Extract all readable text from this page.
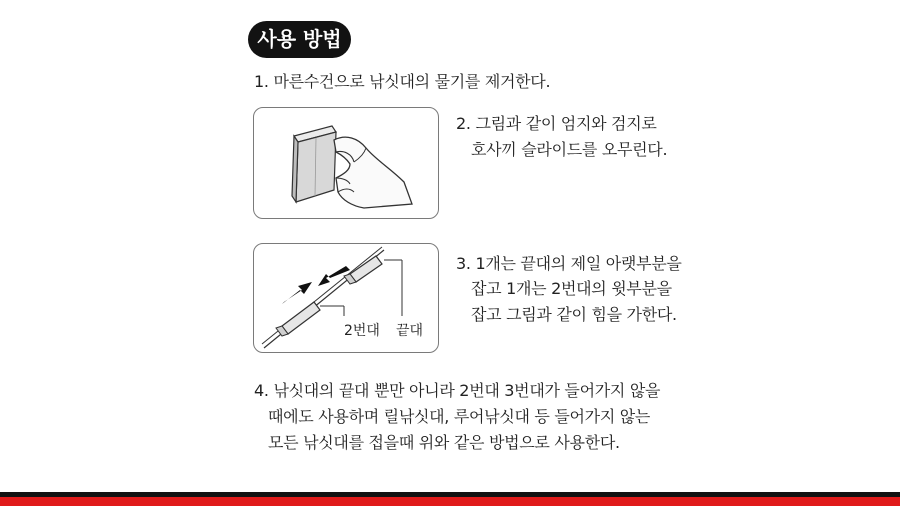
사용 방법
1. 마른수건으로 낚싯대의 물기를 제거한다.
2. 그림과 같이 엄지와 검지로
호사끼 슬라이드를 오무린다.
2번대 끝대
3. 1개는 끝대의 제일 아랫부분을
잡고 1개는 2번대의 윗부분을
잡고 그림과 같이 힘을 가한다.
4. 낚싯대의 끝대 뿐만 아니라 2번대 3번대가 들어가지 않을
때에도 사용하며 릴낚싯대, 루어낚싯대 등 들어가지 않는
모든 낚싯대를 접을때 위와 같은 방법으로 사용한다.
